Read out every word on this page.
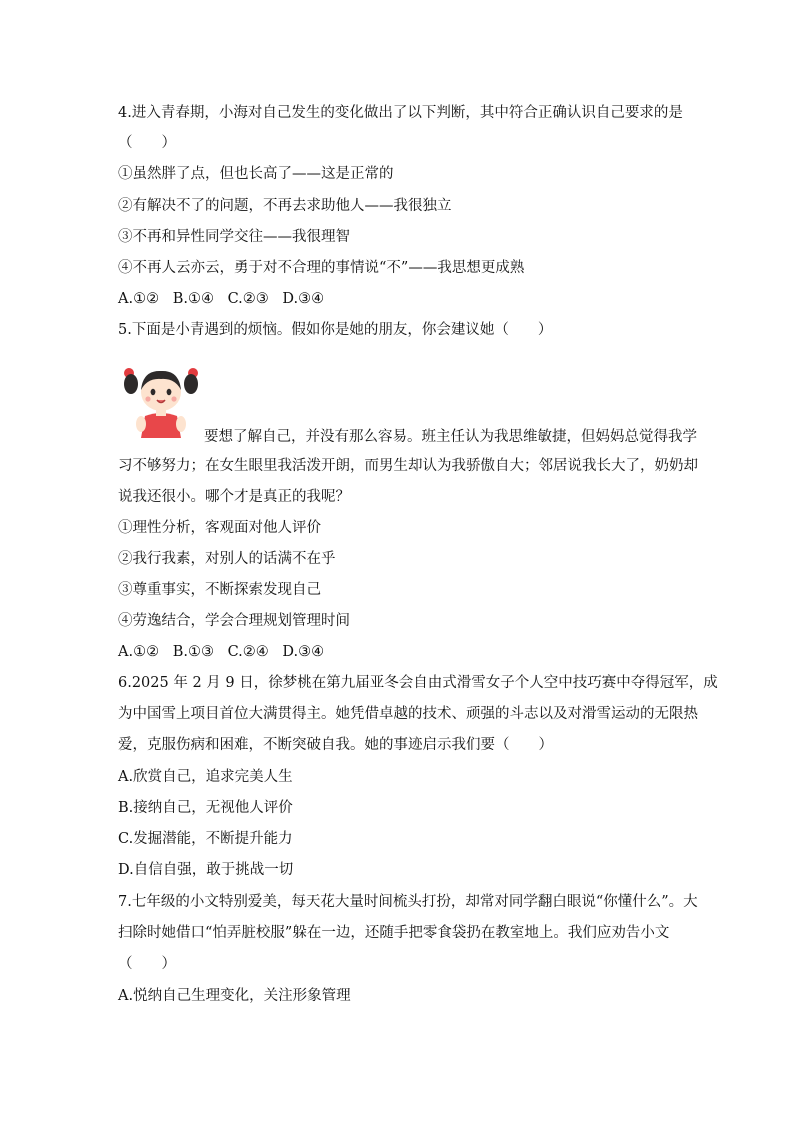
4.进入青春期，小海对自己发生的变化做出了以下判断，其中符合正确认识自己要求的是
（　　）
①虽然胖了点，但也长高了——这是正常的
②有解决不了的问题，不再去求助他人——我很独立
③不再和异性同学交往——我很理智
④不再人云亦云，勇于对不合理的事情说“不”——我思想更成熟
A.①② B.①④ C.②③ D.③④
5.下面是小青遇到的烦恼。假如你是她的朋友，你会建议她（　　）
要想了解自己，并没有那么容易。班主任认为我思维敏捷，但妈妈总觉得我学
习不够努力；在女生眼里我活泼开朗，而男生却认为我骄傲自大；邻居说我长大了，奶奶却
说我还很小。哪个才是真正的我呢？
①理性分析，客观面对他人评价
②我行我素，对别人的话满不在乎
③尊重事实，不断探索发现自己
④劳逸结合，学会合理规划管理时间
A.①② B.①③ C.②④ D.③④
6.2025 年 2 月 9 日，徐梦桃在第九届亚冬会自由式滑雪女子个人空中技巧赛中夺得冠军，成
为中国雪上项目首位大满贯得主。她凭借卓越的技术、顽强的斗志以及对滑雪运动的无限热
爱，克服伤病和困难，不断突破自我。她的事迹启示我们要（　　）
A.欣赏自己，追求完美人生
B.接纳自己，无视他人评价
C.发掘潜能，不断提升能力
D.自信自强，敢于挑战一切
7.七年级的小文特别爱美，每天花大量时间梳头打扮，却常对同学翻白眼说“你懂什么”。大
扫除时她借口“怕弄脏校服”躲在一边，还随手把零食袋扔在教室地上。我们应劝告小文
（　　）
A.悦纳自己生理变化，关注形象管理
